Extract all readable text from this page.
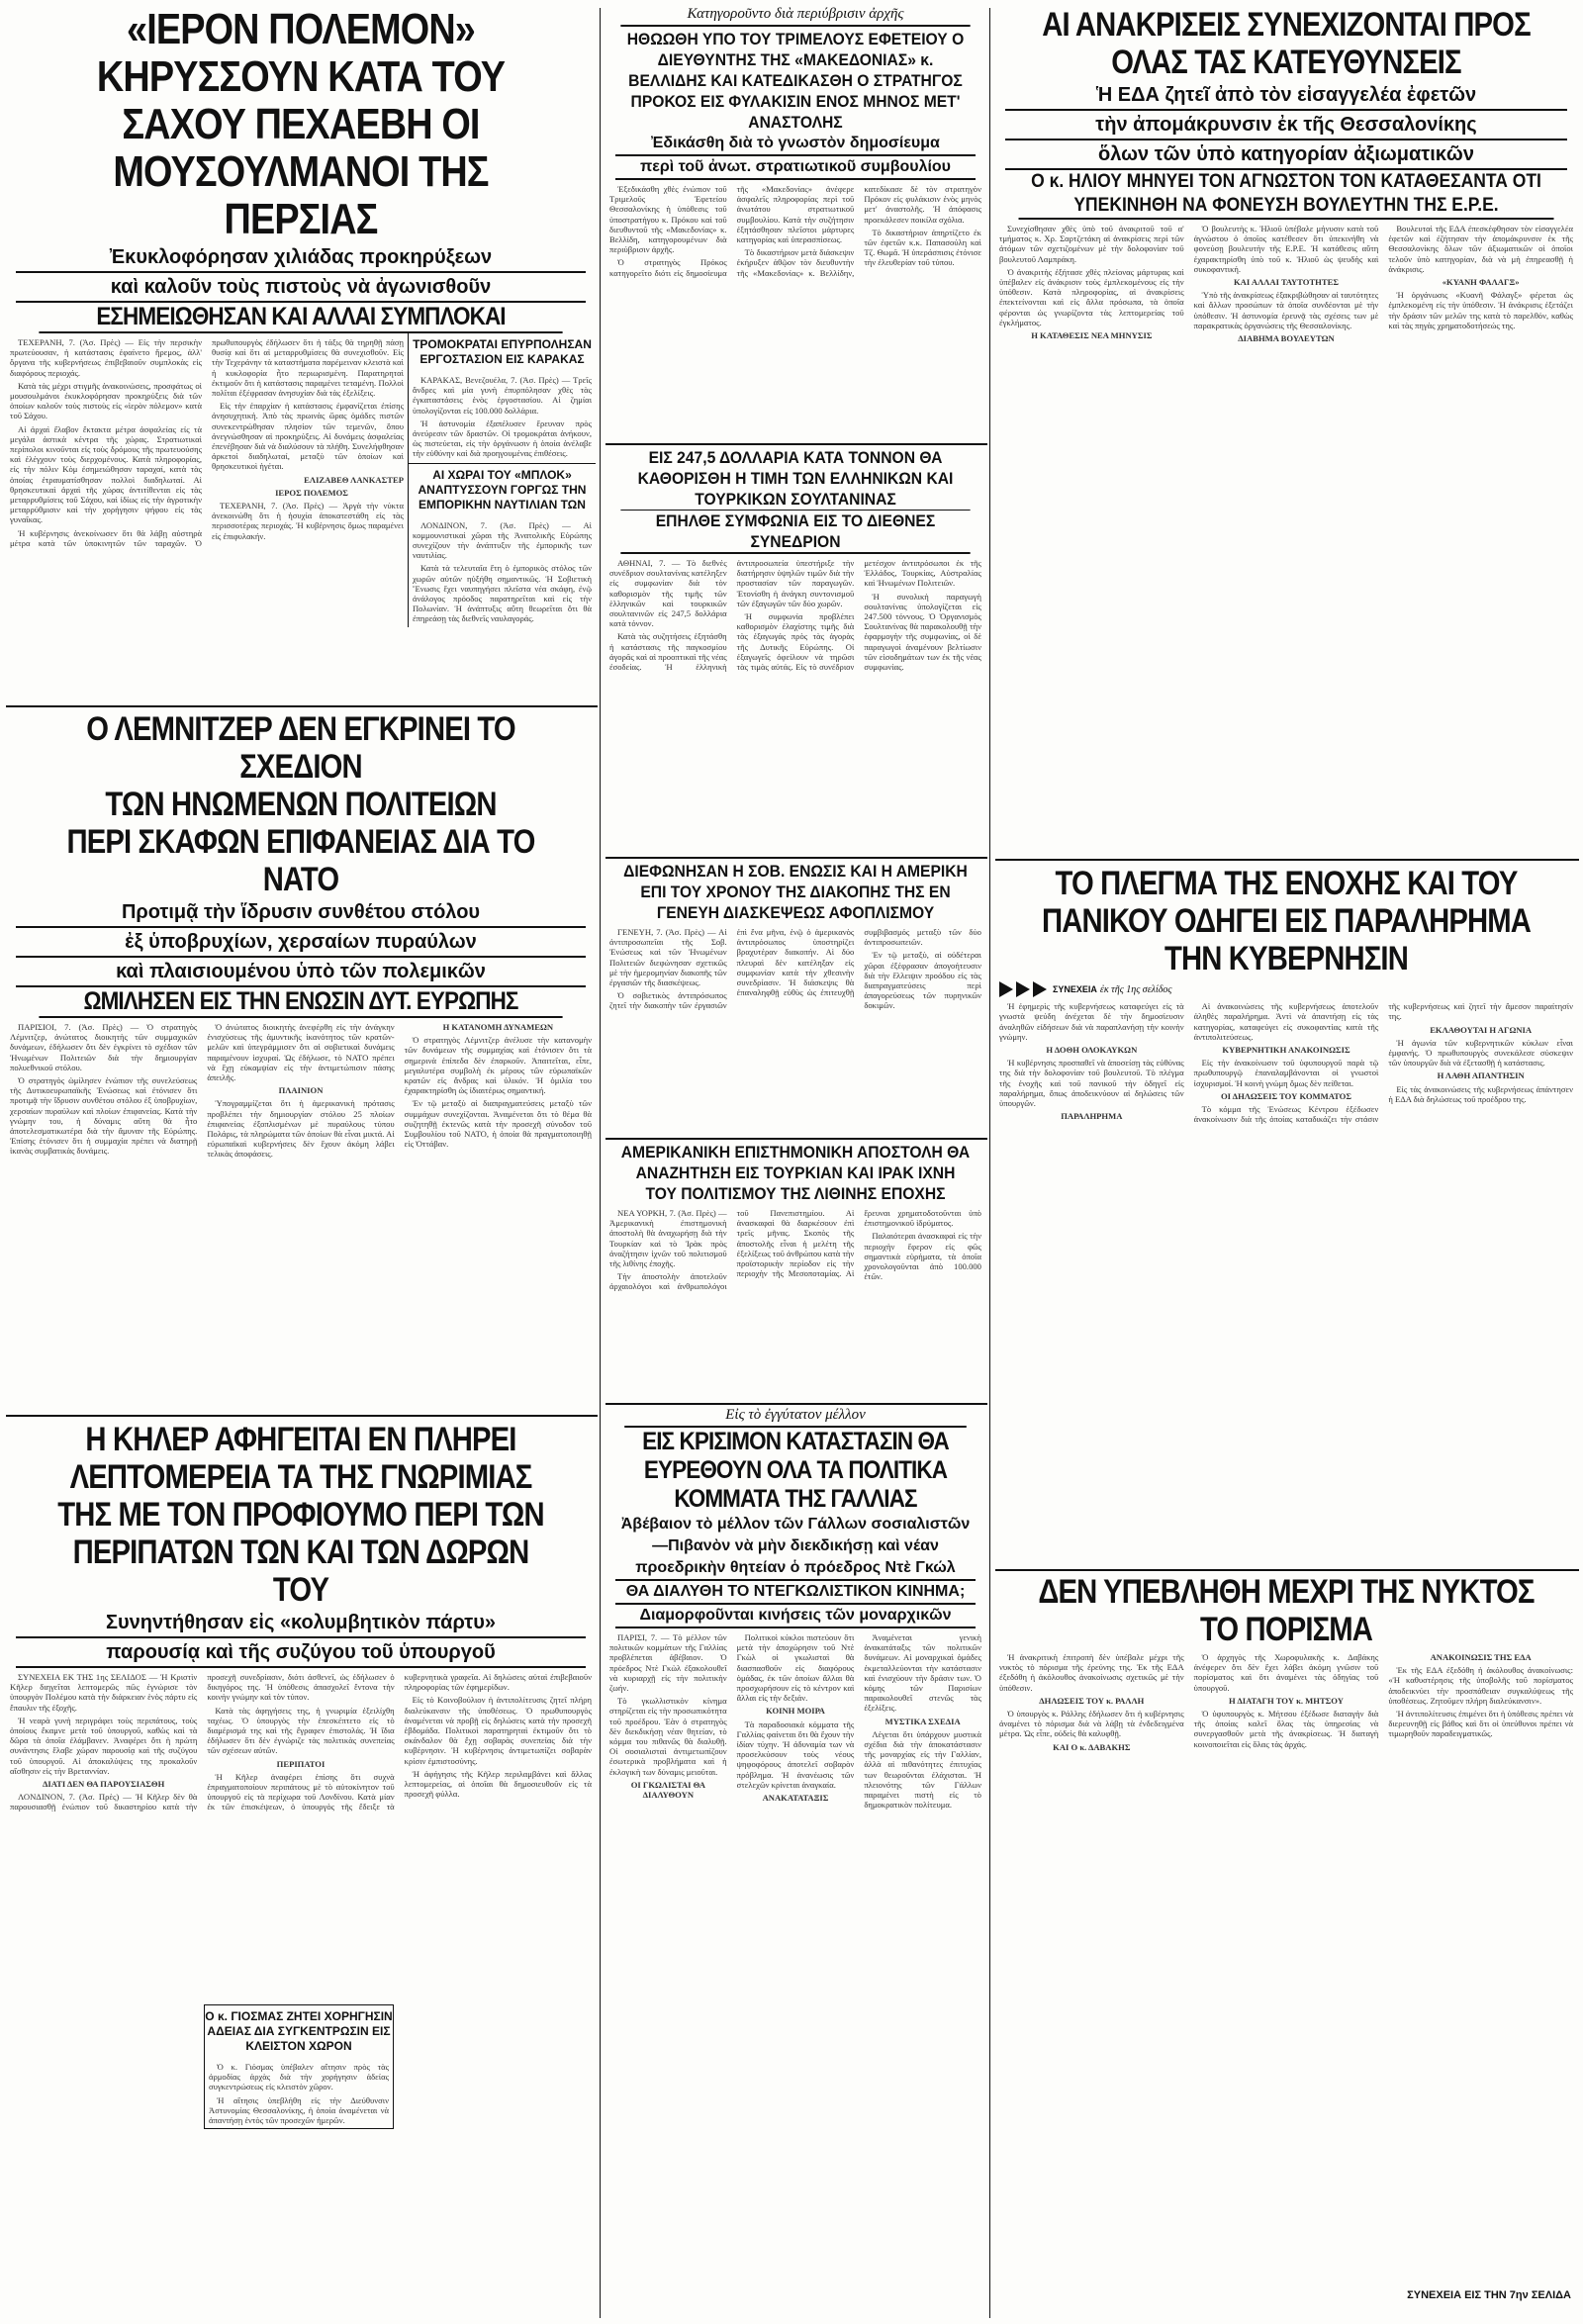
«ΙΕΡΟΝ ΠΟΛΕΜΟΝ» ΚΗΡΥΣΣΟΥΝ ΚΑΤΑ ΤΟΥ ΣΑΧΟΥ ΠΕΧΑΕΒΗ ΟΙ ΜΟΥΣΟΥΛΜΑΝΟΙ ΤΗΣ ΠΕΡΣΙΑΣ
Ἐκυκλοφόρησαν χιλιάδας προκηρύξεων
καὶ καλοῦν τοὺς πιστοὺς νὰ ἀγωνισθοῦν
ΕΣΗΜΕΙΩΘΗΣΑΝ ΚΑΙ ΑΛΛΑΙ ΣΥΜΠΛΟΚΑΙ

ΤΕΧΕΡΑΝΗ, 7. (Ἀσ. Πρὲς) — Εἰς τὴν περσικὴν πρωτεύουσαν, ἡ κατάστασις ἐφαίνετο ἤρεμος, ἀλλ' ὄργανα τῆς κυβερνήσεως ἐπιβεβαιοῦν συμπλοκὰς εἰς διαφόρους περιοχάς.

Κατὰ τὰς μέχρι στιγμῆς ἀνακοινώσεις, προσφάτως οἱ μουσουλμάνοι ἐκυκλοφόρησαν προκηρύξεις διὰ τῶν ὁποίων καλοῦν τοὺς πιστοὺς εἰς «ἱερὸν πόλεμον» κατὰ τοῦ Σάχου.

Αἱ ἀρχαὶ ἔλαβον ἔκτακτα μέτρα ἀσφαλείας εἰς τὰ μεγάλα ἀστικὰ κέντρα τῆς χώρας. Στρατιωτικαὶ περίπολοι κινοῦνται εἰς τοὺς δρόμους τῆς πρωτευούσης καὶ ἐλέγχουν τοὺς διερχομένους. Κατὰ πληροφορίας, εἰς τὴν πόλιν Κὸμ ἐσημειώθησαν ταραχαί, κατὰ τὰς ὁποίας ἐτραυματίσθησαν πολλοὶ διαδηλωταί. Αἱ θρησκευτικαὶ ἀρχαὶ τῆς χώρας ἀντιτίθενται εἰς τὰς μεταρρυθμίσεις τοῦ Σάχου, καὶ ἰδίως εἰς τὴν ἀγροτικὴν μεταρρύθμισιν καὶ τὴν χορήγησιν ψήφου εἰς τὰς γυναῖκας.

Ἡ κυβέρνησις ἀνεκοίνωσεν ὅτι θὰ λάβῃ αὐστηρὰ μέτρα κατὰ τῶν ὑποκινητῶν τῶν ταραχῶν. Ὁ πρωθυπουργὸς ἐδήλωσεν ὅτι ἡ τάξις θὰ τηρηθῇ πάσῃ θυσίᾳ καὶ ὅτι αἱ μεταρρυθμίσεις θὰ συνεχισθοῦν. Εἰς τὴν Τεχεράνην τὰ καταστήματα παρέμειναν κλειστὰ καὶ ἡ κυκλοφορία ἦτο περιωρισμένη. Παρατηρηταὶ ἐκτιμοῦν ὅτι ἡ κατάστασις παραμένει τεταμένη. Πολλοὶ πολῖται ἐξέφρασαν ἀνησυχίαν διὰ τὰς ἐξελίξεις.

Εἰς τὴν ἐπαρχίαν ἡ κατάστασις ἐμφανίζεται ἐπίσης ἀνησυχητική. Ἀπὸ τὰς πρωινὰς ὥρας ὁμάδες πιστῶν συνεκεντρώθησαν πλησίον τῶν τεμενῶν, ὅπου ἀνεγνώσθησαν αἱ προκηρύξεις. Αἱ δυνάμεις ἀσφαλείας ἐπενέβησαν διὰ νὰ διαλύσουν τὰ πλήθη. Συνελήφθησαν ἀρκετοὶ διαδηλωταί, μεταξὺ τῶν ὁποίων καὶ θρησκευτικοὶ ἡγέται.

ΕΛΙΖΑΒΕΘ ΛΑΝΚΑΣΤΕΡ

ΙΕΡΟΣ ΠΟΛΕΜΟΣ

ΤΕΧΕΡΑΝΗ, 7. (Ἀσ. Πρὲς) — Ἀργὰ τὴν νύκτα ἀνεκοινώθη ὅτι ἡ ἡσυχία ἀποκατεστάθη εἰς τὰς περισσοτέρας περιοχάς. Ἡ κυβέρνησις ὅμως παραμένει εἰς ἐπιφυλακήν.

ΤΡΟΜΟΚΡΑΤΑΙ ΕΠΥΡΠΟΛΗΣΑΝ ΕΡΓΟΣΤΑΣΙΟΝ ΕΙΣ ΚΑΡΑΚΑΣ

ΚΑΡΑΚΑΣ, Βενεζουέλα, 7. (Ἀσ. Πρὲς) — Τρεῖς ἄνδρες καὶ μία γυνὴ ἐπυρπόλησαν χθὲς τὰς ἐγκαταστάσεις ἑνὸς ἐργοστασίου. Αἱ ζημίαι ὑπολογίζονται εἰς 100.000 δολλάρια.

Ἡ ἀστυνομία ἐξαπέλυσεν ἔρευναν πρὸς ἀνεύρεσιν τῶν δραστῶν. Οἱ τρομοκράται ἀνήκουν, ὡς πιστεύεται, εἰς τὴν ὀργάνωσιν ἡ ὁποία ἀνέλαβε τὴν εὐθύνην καὶ διὰ προηγουμένας ἐπιθέσεις.

ΑΙ ΧΩΡΑΙ ΤΟΥ «ΜΠΛΟΚ» ΑΝΑΠΤΥΣΣΟΥΝ ΓΟΡΓΩΣ ΤΗΝ ΕΜΠΟΡΙΚΗΝ ΝΑΥΤΙΛΙΑΝ ΤΩΝ

ΛΟΝΔΙΝΟΝ, 7. (Ἀσ. Πρὲς) — Αἱ κομμουνιστικαὶ χῶραι τῆς Ἀνατολικῆς Εὐρώπης συνεχίζουν τὴν ἀνάπτυξιν τῆς ἐμπορικῆς των ναυτιλίας.

Κατὰ τὰ τελευταῖα ἔτη ὁ ἐμπορικὸς στόλος τῶν χωρῶν αὐτῶν ηὐξήθη σημαντικῶς. Ἡ Σοβιετικὴ Ἕνωσις ἔχει ναυπηγήσει πλεῖστα νέα σκάφη, ἐνῷ ἀνάλογος πρόοδος παρατηρεῖται καὶ εἰς τὴν Πολωνίαν. Ἡ ἀνάπτυξις αὕτη θεωρεῖται ὅτι θὰ ἐπηρεάσῃ τὰς διεθνεῖς ναυλαγοράς.

Ο ΛΕΜΝΙΤΖΕΡ ΔΕΝ ΕΓΚΡΙΝΕΙ ΤΟ ΣΧΕΔΙΟΝ
ΤΩΝ ΗΝΩΜΕΝΩΝ ΠΟΛΙΤΕΙΩΝ
ΠΕΡΙ ΣΚΑΦΩΝ ΕΠΙΦΑΝΕΙΑΣ ΔΙΑ ΤΟ ΝΑΤΟ
Προτιμᾷ τὴν ἵδρυσιν συνθέτου στόλου
ἐξ ὑποβρυχίων, χερσαίων πυραύλων
καὶ πλαισιουμένου ὑπὸ τῶν πολεμικῶν
ΩΜΙΛΗΣΕΝ ΕΙΣ ΤΗΝ ΕΝΩΣΙΝ ΔΥΤ. ΕΥΡΩΠΗΣ

ΠΑΡΙΣΙΟΙ, 7. (Ἀσ. Πρὲς) — Ὁ στρατηγὸς Λέμνιτζερ, ἀνώτατος διοικητὴς τῶν συμμαχικῶν δυνάμεων, ἐδήλωσεν ὅτι δὲν ἐγκρίνει τὸ σχέδιον τῶν Ἡνωμένων Πολιτειῶν διὰ τὴν δημιουργίαν πολυεθνικοῦ στόλου.

Ὁ στρατηγὸς ὡμίλησεν ἐνώπιον τῆς συνελεύσεως τῆς Δυτικοευρωπαϊκῆς Ἑνώσεως καὶ ἐτόνισεν ὅτι προτιμᾷ τὴν ἵδρυσιν συνθέτου στόλου ἐξ ὑποβρυχίων, χερσαίων πυραύλων καὶ πλοίων ἐπιφανείας. Κατὰ τὴν γνώμην του, ἡ δύναμις αὕτη θὰ ἦτο ἀποτελεσματικωτέρα διὰ τὴν ἄμυναν τῆς Εὐρώπης. Ἐπίσης ἐτόνισεν ὅτι ἡ συμμαχία πρέπει νὰ διατηρῇ ἱκανὰς συμβατικὰς δυνάμεις.

Ὁ ἀνώτατος διοικητὴς ἀνεφέρθη εἰς τὴν ἀνάγκην ἐνισχύσεως τῆς ἀμυντικῆς ἱκανότητος τῶν κρατῶν-μελῶν καὶ ὑπεγράμμισεν ὅτι αἱ σοβιετικαὶ δυνάμεις παραμένουν ἰσχυραί. Ὡς ἐδήλωσε, τὸ ΝΑΤΟ πρέπει νὰ ἔχῃ εὐκαμψίαν εἰς τὴν ἀντιμετώπισιν πάσης ἀπειλῆς.

ΠΛΑΙΝΙΟΝ

Ὑπογραμμίζεται ὅτι ἡ ἀμερικανικὴ πρότασις προβλέπει τὴν δημιουργίαν στόλου 25 πλοίων ἐπιφανείας ἐξοπλισμένων μὲ πυραύλους τύπου Πολάρις, τὰ πληρώματα τῶν ὁποίων θὰ εἶναι μικτά. Αἱ εὐρωπαϊκαὶ κυβερνήσεις δὲν ἔχουν ἀκόμη λάβει τελικὰς ἀποφάσεις.

Η ΚΑΤΑΝΟΜΗ ΔΥΝΑΜΕΩΝ

Ὁ στρατηγὸς Λέμνιτζερ ἀνέλυσε τὴν κατανομὴν τῶν δυνάμεων τῆς συμμαχίας καὶ ἐτόνισεν ὅτι τὰ σημερινὰ ἐπίπεδα δὲν ἐπαρκοῦν. Ἀπαιτεῖται, εἶπε, μεγαλυτέρα συμβολὴ ἐκ μέρους τῶν εὐρωπαϊκῶν κρατῶν εἰς ἄνδρας καὶ ὑλικόν. Ἡ ὁμιλία του ἐχαρακτηρίσθη ὡς ἰδιαιτέρως σημαντική.

Ἐν τῷ μεταξὺ αἱ διαπραγματεύσεις μεταξὺ τῶν συμμάχων συνεχίζονται. Ἀναμένεται ὅτι τὸ θέμα θὰ συζητηθῇ ἐκτενῶς κατὰ τὴν προσεχῆ σύνοδον τοῦ Συμβουλίου τοῦ ΝΑΤΟ, ἡ ὁποία θὰ πραγματοποιηθῇ εἰς Ὀττάβαν.

Η ΚΗΛΕΡ ΑΦΗΓΕΙΤΑΙ ΕΝ ΠΛΗΡΕΙ ΛΕΠΤΟΜΕΡΕΙΑ ΤΑ ΤΗΣ ΓΝΩΡΙΜΙΑΣ ΤΗΣ ΜΕ ΤΟΝ ΠΡΟΦΙΟΥΜΟ ΠΕΡΙ ΤΩΝ ΠΕΡΙΠΑΤΩΝ ΤΩΝ ΚΑΙ ΤΩΝ ΔΩΡΩΝ ΤΟΥ
Συνηντήθησαν εἰς «κολυμβητικὸν πάρτυ»
παρουσίᾳ καὶ τῆς συζύγου τοῦ ὑπουργοῦ

ΣΥΝΕΧΕΙΑ ΕΚ ΤΗΣ 1ης ΣΕΛΙΔΟΣ — Ἡ Κριστὶν Κῆλερ διηγεῖται λεπτομερῶς πῶς ἐγνώρισε τὸν ὑπουργὸν Πολέμου κατὰ τὴν διάρκειαν ἑνὸς πάρτυ εἰς ἔπαυλιν τῆς ἐξοχῆς.

Ἡ νεαρὰ γυνὴ περιγράφει τοὺς περιπάτους, τοὺς ὁποίους ἔκαμνε μετὰ τοῦ ὑπουργοῦ, καθὼς καὶ τὰ δῶρα τὰ ὁποῖα ἐλάμβανεν. Ἀναφέρει ὅτι ἡ πρώτη συνάντησις ἔλαβε χώραν παρουσίᾳ καὶ τῆς συζύγου τοῦ ὑπουργοῦ. Αἱ ἀποκαλύψεις της προκαλοῦν αἴσθησιν εἰς τὴν Βρεταννίαν.

ΔΙΑΤΙ ΔΕΝ ΘΑ ΠΑΡΟΥΣΙΑΣΘΗ

ΛΟΝΔΙΝΟΝ, 7. (Ἀσ. Πρὲς) — Ἡ Κῆλερ δὲν θὰ παρουσιασθῇ ἐνώπιον τοῦ δικαστηρίου κατὰ τὴν προσεχῆ συνεδρίασιν, διότι ἀσθενεῖ, ὡς ἐδήλωσεν ὁ δικηγόρος της. Ἡ ὑπόθεσις ἀπασχολεῖ ἔντονα τὴν κοινὴν γνώμην καὶ τὸν τύπον.

Κατὰ τὰς ἀφηγήσεις της, ἡ γνωριμία ἐξειλίχθη ταχέως. Ὁ ὑπουργὸς τὴν ἐπεσκέπτετο εἰς τὸ διαμέρισμά της καὶ τῆς ἔγραφεν ἐπιστολάς. Ἡ ἴδια ἐδήλωσεν ὅτι δὲν ἐγνώριζε τὰς πολιτικὰς συνεπείας τῶν σχέσεων αὐτῶν.

ΠΕΡΙΠΑΤΟΙ

Ἡ Κῆλερ ἀναφέρει ἐπίσης ὅτι συχνὰ ἐπραγματοποίουν περιπάτους μὲ τὸ αὐτοκίνητον τοῦ ὑπουργοῦ εἰς τὰ περίχωρα τοῦ Λονδίνου. Κατὰ μίαν ἐκ τῶν ἐπισκέψεων, ὁ ὑπουργὸς τῆς ἔδειξε τὰ κυβερνητικὰ γραφεῖα. Αἱ δηλώσεις αὐταὶ ἐπιβεβαιοῦν πληροφορίας τῶν ἐφημερίδων.

Εἰς τὸ Κοινοβούλιον ἡ ἀντιπολίτευσις ζητεῖ πλήρη διαλεύκανσιν τῆς ὑποθέσεως. Ὁ πρωθυπουργὸς ἀναμένεται νὰ προβῇ εἰς δηλώσεις κατὰ τὴν προσεχῆ ἑβδομάδα. Πολιτικοὶ παρατηρηταὶ ἐκτιμοῦν ὅτι τὸ σκάνδαλον θὰ ἔχῃ σοβαρὰς συνεπείας διὰ τὴν κυβέρνησιν. Ἡ κυβέρνησις ἀντιμετωπίζει σοβαρὰν κρίσιν ἐμπιστοσύνης.

Ἡ ἀφήγησις τῆς Κῆλερ περιλαμβάνει καὶ ἄλλας λεπτομερείας, αἱ ὁποῖαι θὰ δημοσιευθοῦν εἰς τὰ προσεχῆ φύλλα.

Ο κ. ΓΙΟΣΜΑΣ ΖΗΤΕΙ ΧΟΡΗΓΗΣΙΝ ΑΔΕΙΑΣ ΔΙΑ ΣΥΓΚΕΝΤΡΩΣΙΝ ΕΙΣ ΚΛΕΙΣΤΟΝ ΧΩΡΟΝ

Ὁ κ. Γιόσμας ὑπέβαλεν αἴτησιν πρὸς τὰς ἀρμοδίας ἀρχὰς διὰ τὴν χορήγησιν ἀδείας συγκεντρώσεως εἰς κλειστὸν χῶρον.

Ἡ αἴτησις ὑπεβλήθη εἰς τὴν Διεύθυνσιν Ἀστυνομίας Θεσσαλονίκης, ἡ ὁποία ἀναμένεται νὰ ἀπαντήσῃ ἐντὸς τῶν προσεχῶν ἡμερῶν.

Κατηγοροῦντο διὰ περιύβρισιν ἀρχῆς
ΗΘΩΩΘΗ ΥΠΟ ΤΟΥ ΤΡΙΜΕΛΟΥΣ ΕΦΕΤΕΙΟΥ Ο ΔΙΕΥΘΥΝΤΗΣ ΤΗΣ «ΜΑΚΕΔΟΝΙΑΣ» κ. ΒΕΛΛΙΔΗΣ ΚΑΙ ΚΑΤΕΔΙΚΑΣΘΗ Ο ΣΤΡΑΤΗΓΟΣ ΠΡΟΚΟΣ ΕΙΣ ΦΥΛΑΚΙΣΙΝ ΕΝΟΣ ΜΗΝΟΣ ΜΕΤ' ΑΝΑΣΤΟΛΗΣ
Ἐδικάσθη διὰ τὸ γνωστὸν δημοσίευμα
περὶ τοῦ ἀνωτ. στρατιωτικοῦ συμβουλίου

Ἐξεδικάσθη χθὲς ἐνώπιον τοῦ Τριμελοῦς Ἐφετείου Θεσσαλονίκης ἡ ὑπόθεσις τοῦ ὑποστρατήγου κ. Πρόκου καὶ τοῦ διευθυντοῦ τῆς «Μακεδονίας» κ. Βελλίδη, κατηγορουμένων διὰ περιύβρισιν ἀρχῆς.

Ὁ στρατηγὸς Πρόκος κατηγορεῖτο διότι εἰς δημοσίευμα τῆς «Μακεδονίας» ἀνέφερε ἀσφαλεῖς πληροφορίας περὶ τοῦ ἀνωτάτου στρατιωτικοῦ συμβουλίου. Κατὰ τὴν συζήτησιν ἐξητάσθησαν πλεῖστοι μάρτυρες κατηγορίας καὶ ὑπερασπίσεως.

Τὸ δικαστήριον μετὰ διάσκεψιν ἐκήρυξεν ἀθῷον τὸν διευθυντὴν τῆς «Μακεδονίας» κ. Βελλίδην, κατεδίκασε δὲ τὸν στρατηγὸν Πρόκον εἰς φυλάκισιν ἑνὸς μηνὸς μετ' ἀναστολῆς. Ἡ ἀπόφασις προεκάλεσεν ποικίλα σχόλια.

Τὸ δικαστήριον ἀπηρτίζετο ἐκ τῶν ἐφετῶν κ.κ. Παπασούλη καὶ Τζ. Θωμᾶ. Ἡ ὑπεράσπισις ἐτόνισε τὴν ἐλευθερίαν τοῦ τύπου.

ΕΙΣ 247,5 ΔΟΛΛΑΡΙΑ ΚΑΤΑ ΤΟΝΝΟΝ ΘΑ ΚΑΘΟΡΙΣΘΗ Η ΤΙΜΗ ΤΩΝ ΕΛΛΗΝΙΚΩΝ ΚΑΙ ΤΟΥΡΚΙΚΩΝ ΣΟΥΛΤΑΝΙΝΑΣ
ΕΠΗΛΘΕ ΣΥΜΦΩΝΙΑ ΕΙΣ ΤΟ ΔΙΕΘΝΕΣ ΣΥΝΕΔΡΙΟΝ

ΑΘΗΝΑΙ, 7. — Τὸ διεθνὲς συνέδριον σουλτανίνας κατέληξεν εἰς συμφωνίαν διὰ τὸν καθορισμὸν τῆς τιμῆς τῶν ἑλληνικῶν καὶ τουρκικῶν σουλτανινῶν εἰς 247,5 δολλάρια κατὰ τόννον.

Κατὰ τὰς συζητήσεις ἐξητάσθη ἡ κατάστασις τῆς παγκοσμίου ἀγορᾶς καὶ αἱ προοπτικαὶ τῆς νέας ἐσοδείας. Ἡ ἑλληνικὴ ἀντιπροσωπεία ὑπεστήριξε τὴν διατήρησιν ὑψηλῶν τιμῶν διὰ τὴν προστασίαν τῶν παραγωγῶν. Ἐτονίσθη ἡ ἀνάγκη συντονισμοῦ τῶν ἐξαγωγῶν τῶν δύο χωρῶν.

Ἡ συμφωνία προβλέπει καθορισμὸν ἐλαχίστης τιμῆς διὰ τὰς ἐξαγωγάς πρὸς τὰς ἀγορὰς τῆς Δυτικῆς Εὐρώπης. Οἱ ἐξαγωγεῖς ὀφείλουν νὰ τηρῶσι τὰς τιμὰς αὐτάς. Εἰς τὸ συνέδριον μετέσχον ἀντιπρόσωποι ἐκ τῆς Ἑλλάδος, Τουρκίας, Αὐστραλίας καὶ Ἡνωμένων Πολιτειῶν.

Ἡ συνολικὴ παραγωγὴ σουλτανίνας ὑπολογίζεται εἰς 247.500 τόννους. Ὁ Ὀργανισμὸς Σουλτανίνας θὰ παρακολουθῇ τὴν ἐφαρμογὴν τῆς συμφωνίας, οἱ δὲ παραγωγοὶ ἀναμένουν βελτίωσιν τῶν εἰσοδημάτων των ἐκ τῆς νέας συμφωνίας.

ΔΙΕΦΩΝΗΣΑΝ Η ΣΟΒ. ΕΝΩΣΙΣ ΚΑΙ Η ΑΜΕΡΙΚΗ ΕΠΙ ΤΟΥ ΧΡΟΝΟΥ ΤΗΣ ΔΙΑΚΟΠΗΣ ΤΗΣ ΕΝ ΓΕΝΕΥΗ ΔΙΑΣΚΕΨΕΩΣ ΑΦΟΠΛΙΣΜΟΥ

ΓΕΝΕΥΗ, 7. (Ἀσ. Πρὲς) — Αἱ ἀντιπροσωπεῖαι τῆς Σοβ. Ἑνώσεως καὶ τῶν Ἡνωμένων Πολιτειῶν διεφώνησαν σχετικῶς μὲ τὴν ἡμερομηνίαν διακοπῆς τῶν ἐργασιῶν τῆς διασκέψεως.

Ὁ σοβιετικὸς ἀντιπρόσωπος ζητεῖ τὴν διακοπὴν τῶν ἐργασιῶν ἐπὶ ἕνα μῆνα, ἐνῷ ὁ ἀμερικανὸς ἀντιπρόσωπος ὑποστηρίζει βραχυτέραν διακοπήν. Αἱ δύο πλευραὶ δὲν κατέληξαν εἰς συμφωνίαν κατὰ τὴν χθεσινὴν συνεδρίασιν. Ἡ διάσκεψις θὰ ἐπαναληφθῇ εὐθὺς ὡς ἐπιτευχθῇ συμβιβασμός μεταξὺ τῶν δύο ἀντιπροσωπειῶν.

Ἐν τῷ μεταξὺ, αἱ οὐδέτεραι χῶραι ἐξέφρασαν ἀπογοήτευσιν διὰ τὴν ἔλλειψιν προόδου εἰς τὰς διαπραγματεύσεις περὶ ἀπαγορεύσεως τῶν πυρηνικῶν δοκιμῶν.

ΑΜΕΡΙΚΑΝΙΚΗ ΕΠΙΣΤΗΜΟΝΙΚΗ ΑΠΟΣΤΟΛΗ ΘΑ ΑΝΑΖΗΤΗΣΗ ΕΙΣ ΤΟΥΡΚΙΑΝ ΚΑΙ ΙΡΑΚ ΙΧΝΗ ΤΟΥ ΠΟΛΙΤΙΣΜΟΥ ΤΗΣ ΛΙΘΙΝΗΣ ΕΠΟΧΗΣ

ΝΕΑ ΥΟΡΚΗ, 7. (Ἀσ. Πρὲς) — Ἀμερικανικὴ ἐπιστημονικὴ ἀποστολὴ θὰ ἀναχωρήσῃ διὰ τὴν Τουρκίαν καὶ τὸ Ἰρὰκ πρὸς ἀναζήτησιν ἰχνῶν τοῦ πολιτισμοῦ τῆς λιθίνης ἐποχῆς.

Τὴν ἀποστολὴν ἀποτελοῦν ἀρχαιολόγοι καὶ ἀνθρωπολόγοι τοῦ Πανεπιστημίου. Αἱ ἀνασκαφαὶ θὰ διαρκέσουν ἐπὶ τρεῖς μῆνας. Σκοπὸς τῆς ἀποστολῆς εἶναι ἡ μελέτη τῆς ἐξελίξεως τοῦ ἀνθρώπου κατὰ τὴν προϊστορικὴν περίοδον εἰς τὴν περιοχὴν τῆς Μεσοποταμίας. Αἱ ἔρευναι χρηματοδοτοῦνται ὑπὸ ἐπιστημονικοῦ ἱδρύματος.

Παλαιότεραι ἀνασκαφαὶ εἰς τὴν περιοχὴν ἔφερον εἰς φῶς σημαντικὰ εὑρήματα, τὰ ὁποῖα χρονολογοῦνται ἀπὸ 100.000 ἐτῶν.

Εἰς τὸ ἐγγύτατον μέλλον
ΕΙΣ ΚΡΙΣΙΜΟΝ ΚΑΤΑΣΤΑΣΙΝ ΘΑ ΕΥΡΕΘΟΥΝ ΟΛΑ ΤΑ ΠΟΛΙΤΙΚΑ ΚΟΜΜΑΤΑ ΤΗΣ ΓΑΛΛΙΑΣ
Ἀβέβαιον τὸ μέλλον τῶν Γάλλων σοσιαλιστῶν—Πιβανὸν νὰ μὴν διεκδικήσῃ καὶ νέαν προεδρικὴν θητείαν ὁ πρόεδρος Ντὲ Γκώλ
ΘΑ ΔΙΑΛΥΘΗ ΤΟ ΝΤΕΓΚΩΛΙΣΤΙΚΟΝ ΚΙΝΗΜΑ;
Διαμορφοῦνται κινήσεις τῶν μοναρχικῶν

ΠΑΡΙΣΙ, 7. — Τὸ μέλλον τῶν πολιτικῶν κομμάτων τῆς Γαλλίας προβλέπεται ἀβέβαιον. Ὁ πρόεδρος Ντὲ Γκὼλ ἐξακολουθεῖ νὰ κυριαρχῇ εἰς τὴν πολιτικὴν ζωήν.

Τὸ γκωλλιστικὸν κίνημα στηρίζεται εἰς τὴν προσωπικότητα τοῦ προέδρου. Ἐὰν ὁ στρατηγὸς δὲν διεκδικήσῃ νέαν θητείαν, τὸ κόμμα του πιθανῶς θὰ διαλυθῇ. Οἱ σοσιαλισταὶ ἀντιμετωπίζουν ἐσωτερικὰ προβλήματα καὶ ἡ ἐκλογικὴ των δύναμις μειοῦται.

ΟΙ ΓΚΩΛΙΣΤΑΙ ΘΑ ΔΙΑΛΥΘΟΥΝ

Πολιτικοὶ κύκλοι πιστεύουν ὅτι μετὰ τὴν ἀποχώρησιν τοῦ Ντὲ Γκὼλ οἱ γκωλισταὶ θὰ διασπασθοῦν εἰς διαφόρους ὁμάδας, ἐκ τῶν ὁποίων ἄλλαι θὰ προσχωρήσουν εἰς τὸ κέντρον καὶ ἄλλαι εἰς τὴν δεξιάν.

ΚΟΙΝΗ ΜΟΙΡΑ

Τὰ παραδοσιακὰ κόμματα τῆς Γαλλίας φαίνεται ὅτι θὰ ἔχουν τὴν ἰδίαν τύχην. Ἡ ἀδυναμία των νὰ προσελκύσουν τοὺς νέους ψηφοφόρους ἀποτελεῖ σοβαρὸν πρόβλημα. Ἡ ἀνανέωσις τῶν στελεχῶν κρίνεται ἀναγκαία.

ΑΝΑΚΑΤΑΤΑΞΙΣ

Ἀναμένεται γενικὴ ἀνακατάταξις τῶν πολιτικῶν δυνάμεων. Αἱ μοναρχικαὶ ὁμάδες ἐκμεταλλεύονται τὴν κατάστασιν καὶ ἐνισχύουν τὴν δράσιν των. Ὁ κόμης τῶν Παρισίων παρακολουθεῖ στενῶς τὰς ἐξελίξεις.

ΜΥΣΤΙΚΑ ΣΧΕΔΙΑ

Λέγεται ὅτι ὑπάρχουν μυστικὰ σχέδια διὰ τὴν ἀποκατάστασιν τῆς μοναρχίας εἰς τὴν Γαλλίαν, ἀλλὰ αἱ πιθανότητες ἐπιτυχίας των θεωροῦνται ἐλάχισται. Ἡ πλειονότης τῶν Γάλλων παραμένει πιστὴ εἰς τὸ δημοκρατικὸν πολίτευμα.

ΑΙ ΑΝΑΚΡΙΣΕΙΣ ΣΥΝΕΧΙΖΟΝΤΑΙ ΠΡΟΣ ΟΛΑΣ ΤΑΣ ΚΑΤΕΥΘΥΝΣΕΙΣ
Ἡ ΕΔΑ ζητεῖ ἀπὸ τὸν εἰσαγγελέα ἐφετῶν
τὴν ἀπομάκρυνσιν ἐκ τῆς Θεσσαλονίκης
ὅλων τῶν ὑπὸ κατηγορίαν ἀξιωματικῶν
Ο κ. ΗΛΙΟΥ ΜΗΝΥΕΙ ΤΟΝ ΑΓΝΩΣΤΟΝ ΤΟΝ ΚΑΤΑΘΕΣΑΝΤΑ ΟΤΙ ΥΠΕΚΙΝΗΘΗ ΝΑ ΦΟΝΕΥΣΗ ΒΟΥΛΕΥΤΗΝ ΤΗΣ Ε.Ρ.Ε.

Συνεχίσθησαν χθὲς ὑπὸ τοῦ ἀνακριτοῦ τοῦ α' τμήματος κ. Χρ. Σαρτζετάκη αἱ ἀνακρίσεις περὶ τῶν ἀτόμων τῶν σχετιζομένων μὲ τὴν δολοφονίαν τοῦ βουλευτοῦ Λαμπράκη.

Ὁ ἀνακριτὴς ἐξήτασε χθὲς πλείονας μάρτυρας καὶ ὑπέβαλεν εἰς ἀνάκρισιν τοὺς ἐμπλεκομένους εἰς τὴν ὑπόθεσιν. Κατὰ πληροφορίας, αἱ ἀνακρίσεις ἐπεκτείνονται καὶ εἰς ἄλλα πρόσωπα, τὰ ὁποῖα φέρονται ὡς γνωρίζοντα τὰς λεπτομερείας τοῦ ἐγκλήματος.

Η ΚΑΤΑΘΕΣΙΣ ΝΕΑ ΜΗΝΥΣΙΣ

Ὁ βουλευτὴς κ. Ἠλιοῦ ὑπέβαλε μήνυσιν κατὰ τοῦ ἀγνώστου ὁ ὁποῖος κατέθεσεν ὅτι ὑπεκινήθη νὰ φονεύσῃ βουλευτὴν τῆς Ε.Ρ.Ε. Ἡ κατάθεσις αὕτη ἐχαρακτηρίσθη ὑπὸ τοῦ κ. Ἠλιοῦ ὡς ψευδὴς καὶ συκοφαντική.

ΚΑΙ ΑΛΛΑΙ ΤΑΥΤΟΤΗΤΕΣ

Ὑπὸ τῆς ἀνακρίσεως ἐξακριβώθησαν αἱ ταυτότητες καὶ ἄλλων προσώπων τὰ ὁποῖα συνδέονται μὲ τὴν ὑπόθεσιν. Ἡ ἀστυνομία ἐρευνᾷ τὰς σχέσεις των μὲ παρακρατικὰς ὀργανώσεις τῆς Θεσσαλονίκης.

ΔΙΑΒΗΜΑ ΒΟΥΛΕΥΤΩΝ

Βουλευταὶ τῆς ΕΔΑ ἐπεσκέφθησαν τὸν εἰσαγγελέα ἐφετῶν καὶ ἐζήτησαν τὴν ἀπομάκρυνσιν ἐκ τῆς Θεσσαλονίκης ὅλων τῶν ἀξιωματικῶν οἱ ὁποῖοι τελοῦν ὑπὸ κατηγορίαν, διὰ νὰ μὴ ἐπηρεασθῇ ἡ ἀνάκρισις.

«ΚΥΑΝΗ ΦΑΛΑΓΞ»

Ἡ ὀργάνωσις «Κυανῆ Φάλαγξ» φέρεται ὡς ἐμπλεκομένη εἰς τὴν ὑπόθεσιν. Ἡ ἀνάκρισις ἐξετάζει τὴν δράσιν τῶν μελῶν της κατὰ τὸ παρελθόν, καθὼς καὶ τὰς πηγὰς χρηματοδοτήσεώς της.

ΤΟ ΠΛΕΓΜΑ ΤΗΣ ΕΝΟΧΗΣ ΚΑΙ ΤΟΥ ΠΑΝΙΚΟΥ ΟΔΗΓΕΙ ΕΙΣ ΠΑΡΑΛΗΡΗΜΑ ΤΗΝ ΚΥΒΕΡΝΗΣΙΝ
ΣΥΝΕΧΕΙΑ ἐκ τῆς 1ης σελίδος

Ἡ ἐφημερὶς τῆς κυβερνήσεως καταφεύγει εἰς τὰ γνωστὰ ψεύδη ἀνέχεται δὲ τὴν δημοσίευσιν ἀναληθῶν εἰδήσεων διὰ νὰ παραπλανήσῃ τὴν κοινὴν γνώμην.

Η ΔΟΘΗ ΟΛΟΚΑΥΚΩΝ

Ἡ κυβέρνησις προσπαθεῖ νὰ ἀποσείσῃ τὰς εὐθύνας της διὰ τὴν δολοφονίαν τοῦ βουλευτοῦ. Τὸ πλέγμα τῆς ἐνοχῆς καὶ τοῦ πανικοῦ τὴν ὁδηγεῖ εἰς παραλήρημα, ὅπως ἀποδεικνύουν αἱ δηλώσεις τῶν ὑπουργῶν.

ΠΑΡΑΛΗΡΗΜΑ

Αἱ ἀνακοινώσεις τῆς κυβερνήσεως ἀποτελοῦν ἀληθὲς παραλήρημα. Ἀντὶ νὰ ἀπαντήσῃ εἰς τὰς κατηγορίας, καταφεύγει εἰς συκοφαντίας κατὰ τῆς ἀντιπολιτεύσεως.

ΚΥΒΕΡΝΗΤΙΚΗ ΑΝΑΚΟΙΝΩΣΙΣ

Εἰς τὴν ἀνακοίνωσιν τοῦ ὑφυπουργοῦ παρὰ τῷ πρωθυπουργῷ ἐπαναλαμβάνονται οἱ γνωστοὶ ἰσχυρισμοί. Ἡ κοινὴ γνώμη ὅμως δὲν πείθεται.

ΟΙ ΔΗΛΩΣΕΙΣ ΤΟΥ ΚΟΜΜΑΤΟΣ

Τὸ κόμμα τῆς Ἑνώσεως Κέντρου ἐξέδωσεν ἀνακοίνωσιν διὰ τῆς ὁποίας καταδικάζει τὴν στάσιν τῆς κυβερνήσεως καὶ ζητεῖ τὴν ἄμεσον παραίτησίν της.

ΕΚΛΑΘΟΥΤΑΙ Η ΑΓΩΝΙΑ

Ἡ ἀγωνία τῶν κυβερνητικῶν κύκλων εἶναι ἐμφανής. Ὁ πρωθυπουργὸς συνεκάλεσε σύσκεψιν τῶν ὑπουργῶν διὰ νὰ ἐξετασθῇ ἡ κατάστασις.

Η ΛΑΘΗ ΑΠΑΝΤΗΣΙΝ

Εἰς τὰς ἀνακοινώσεις τῆς κυβερνήσεως ἀπάντησεν ἡ ΕΔΑ διὰ δηλώσεως τοῦ προέδρου της.

ΔΕΝ ΥΠΕΒΛΗΘΗ ΜΕΧΡΙ ΤΗΣ ΝΥΚΤΟΣ ΤΟ ΠΟΡΙΣΜΑ

Ἡ ἀνακριτικὴ ἐπιτροπὴ δὲν ὑπέβαλε μέχρι τῆς νυκτὸς τὸ πόρισμα τῆς ἐρεύνης της. Ἐκ τῆς ΕΔΑ ἐξεδόθη ἡ ἀκόλουθος ἀνακοίνωσις σχετικῶς μὲ τὴν ὑπόθεσιν.

ΔΗΛΩΣΕΙΣ ΤΟΥ κ. ΡΑΛΛΗ

Ὁ ὑπουργὸς κ. Ράλλης ἐδήλωσεν ὅτι ἡ κυβέρνησις ἀναμένει τὸ πόρισμα διὰ νὰ λάβῃ τὰ ἐνδεδειγμένα μέτρα. Ὡς εἶπε, οὐδεὶς θὰ καλυφθῇ.

ΚΑΙ Ο κ. ΔΑΒΑΚΗΣ

Ὁ ἀρχηγὸς τῆς Χωροφυλακῆς κ. Δαβάκης ἀνέφερεν ὅτι δὲν ἔχει λάβει ἀκόμη γνῶσιν τοῦ πορίσματος καὶ ὅτι ἀναμένει τὰς ὁδηγίας τοῦ ὑπουργοῦ.

Η ΔΙΑΤΑΓΗ ΤΟΥ κ. ΜΗΤΣΟΥ

Ὁ ὑφυπουργὸς κ. Μήτσου ἐξέδωσε διαταγὴν διὰ τῆς ὁποίας καλεῖ ὅλας τὰς ὑπηρεσίας νὰ συνεργασθοῦν μετὰ τῆς ἀνακρίσεως. Ἡ διαταγὴ κοινοποιεῖται εἰς ὅλας τὰς ἀρχάς.

ΑΝΑΚΟΙΝΩΣΙΣ ΤΗΣ ΕΔΑ

Ἐκ τῆς ΕΔΑ ἐξεδόθη ἡ ἀκόλουθος ἀνακοίνωσις: «Ἡ καθυστέρησις τῆς ὑποβολῆς τοῦ πορίσματος ἀποδεικνύει τὴν προσπάθειαν συγκαλύψεως τῆς ὑποθέσεως. Ζητοῦμεν πλήρη διαλεύκανσιν».

Ἡ ἀντιπολίτευσις ἐπιμένει ὅτι ἡ ὑπόθεσις πρέπει νὰ διερευνηθῇ εἰς βάθος καὶ ὅτι οἱ ὑπεύθυνοι πρέπει νὰ τιμωρηθοῦν παραδειγματικῶς.

ΣΥΝΕΧΕΙΑ ΕΙΣ ΤΗΝ 7ην ΣΕΛΙΔΑ
